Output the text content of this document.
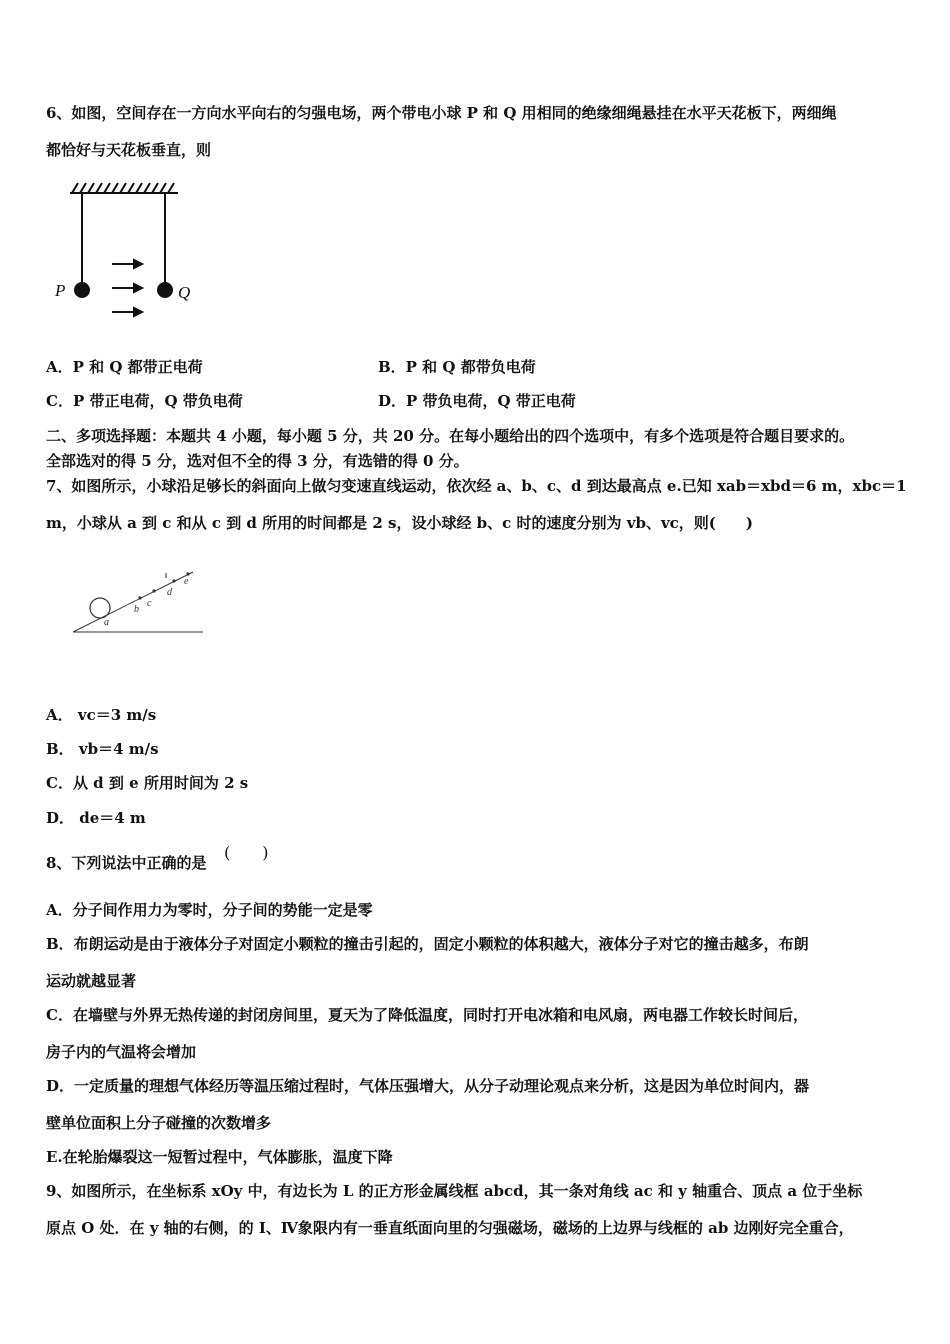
6、如图，空间存在一方向水平向右的匀强电场，两个带电小球 P 和 Q 用相同的绝缘细绳悬挂在水平天花板下，两细绳
都恰好与天花板垂直，则
P	Q
A．P 和 Q 都带正电荷	B．P 和 Q 都带负电荷
C．P 带正电荷，Q 带负电荷	D．P 带负电荷，Q 带正电荷
二、多项选择题：本题共 4 小题，每小题 5 分，共 20 分。在每小题给出的四个选项中，有多个选项是符合题目要求的。
全部选对的得 5 分，选对但不全的得 3 分，有选错的得 0 分。
7、如图所示，小球沿足够长的斜面向上做匀变速直线运动，依次经 a、b、c、d 到达最高点 e.已知 xab＝xbd＝6 m，xbc＝1
m，小球从 a 到 c 和从 c 到 d 所用的时间都是 2 s，设小球经 b、c 时的速度分别为 vb、vc，则(　　)
a
b
c
d
e
A． vc＝3 m/s
B． vb＝4 m/s
C．从 d 到 e 所用时间为 2 s
D． de＝4 m
8、下列说法中正确的是
(　　)
A．分子间作用力为零时，分子间的势能一定是零
B．布朗运动是由于液体分子对固定小颗粒的撞击引起的，固定小颗粒的体积越大，液体分子对它的撞击越多，布朗
运动就越显著
C．在墙壁与外界无热传递的封闭房间里，夏天为了降低温度，同时打开电冰箱和电风扇，两电器工作较长时间后，
房子内的气温将会增加
D．一定质量的理想气体经历等温压缩过程时，气体压强增大，从分子动理论观点来分析，这是因为单位时间内，器
壁单位面积上分子碰撞的次数增多
E.在轮胎爆裂这一短暂过程中，气体膨胀，温度下降
9、如图所示，在坐标系 xOy 中，有边长为 L 的正方形金属线框 abcd，其一条对角线 ac 和 y 轴重合、顶点 a 位于坐标
原点 O 处．在 y 轴的右侧，的 I、Ⅳ象限内有一垂直纸面向里的匀强磁场，磁场的上边界与线框的 ab 边刚好完全重合，
